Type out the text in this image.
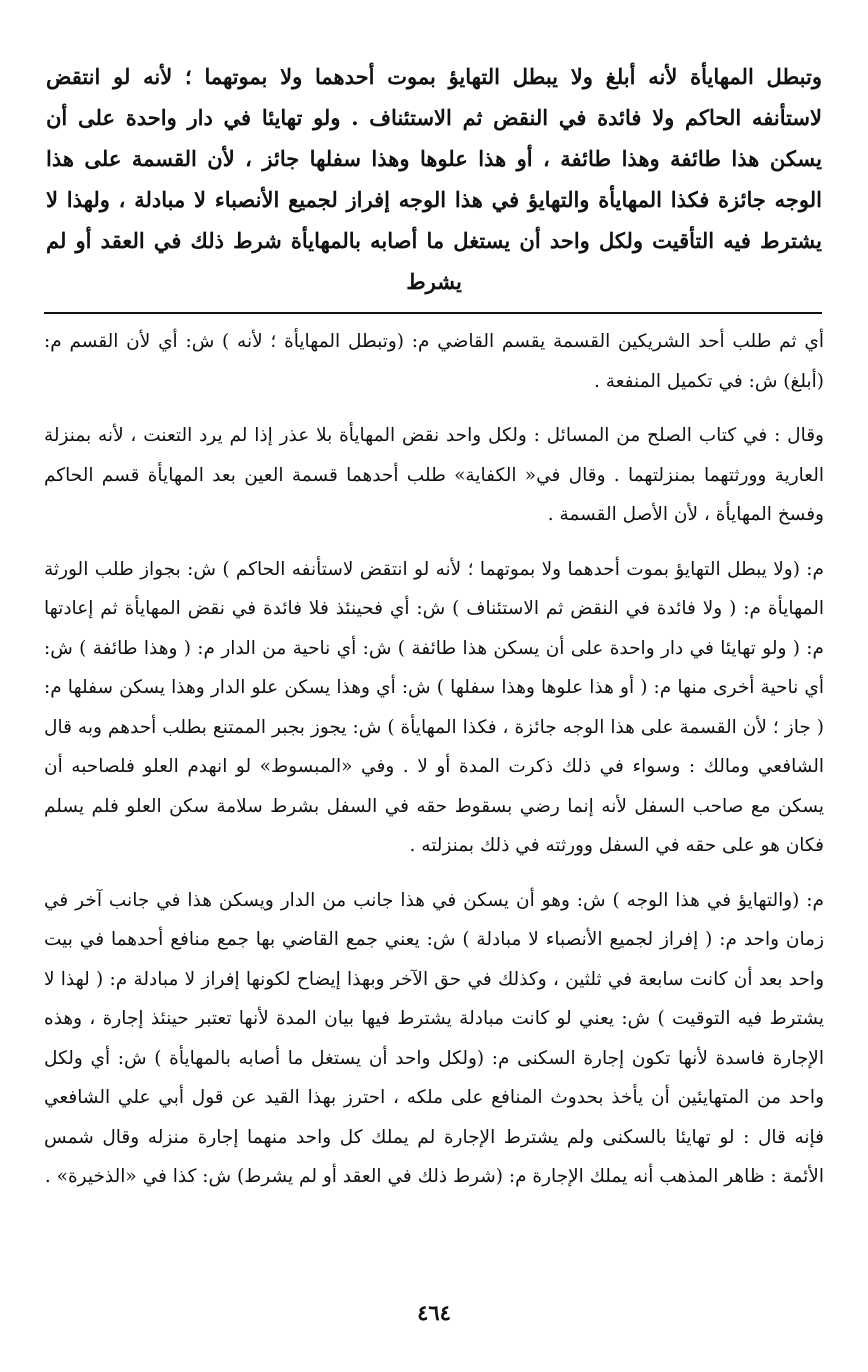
وتبطل المهايأة لأنه أبلغ ولا يبطل التهايؤ بموت أحدهما ولا بموتهما ؛ لأنه لو انتقض لاستأنفه الحاكم ولا فائدة في النقض ثم الاستئناف . ولو تهايئا في دار واحدة على أن يسكن هذا طائفة وهذا طائفة ، أو هذا علوها وهذا سفلها جائز ، لأن القسمة على هذا الوجه جائزة فكذا المهايأة والتهايؤ في هذا الوجه إفراز لجميع الأنصباء لا مبادلة ، ولهذا لا يشترط فيه التأقيت ولكل واحد أن يستغل ما أصابه بالمهايأة شرط ذلك في العقد أو لم يشرط

أي ثم طلب أحد الشريكين القسمة يقسم القاضي م: (وتبطل المهايأة ؛ لأنه ) ش: أي لأن القسم م: (أبلغ) ش: في تكميل المنفعة .

وقال : في كتاب الصلح من المسائل : ولكل واحد نقض المهايأة بلا عذر إذا لم يرد التعنت ، لأنه بمنزلة العارية وورثتهما بمنزلتهما . وقال في« الكفاية» طلب أحدهما قسمة العين بعد المهايأة قسم الحاكم وفسخ المهايأة ، لأن الأصل القسمة .

م: (ولا يبطل التهايؤ بموت أحدهما ولا بموتهما ؛ لأنه لو انتقض لاستأنفه الحاكم ) ش: بجواز طلب الورثة المهايأة م: ( ولا فائدة في النقض ثم الاستئناف ) ش: أي فحينئذ فلا فائدة في نقض المهايأة ثم إعادتها م: ( ولو تهايئا في دار واحدة على أن يسكن هذا طائفة ) ش: أي ناحية من الدار م: ( وهذا طائفة ) ش: أي ناحية أخرى منها م: ( أو هذا علوها وهذا سفلها ) ش: أي وهذا يسكن علو الدار وهذا يسكن سفلها م: ( جاز ؛ لأن القسمة على هذا الوجه جائزة ، فكذا المهايأة ) ش: يجوز بجبر الممتنع بطلب أحدهم وبه قال الشافعي ومالك : وسواء في ذلك ذكرت المدة أو لا . وفي «المبسوط» لو انهدم العلو فلصاحبه أن يسكن مع صاحب السفل لأنه إنما رضي بسقوط حقه في السفل بشرط سلامة سكن العلو فلم يسلم فكان هو على حقه في السفل وورثته في ذلك بمنزلته .

م: (والتهايؤ في هذا الوجه ) ش: وهو أن يسكن في هذا جانب من الدار ويسكن هذا في جانب آخر في زمان واحد م: ( إفراز لجميع الأنصباء لا مبادلة ) ش: يعني جمع القاضي بها جمع منافع أحدهما في بيت واحد بعد أن كانت سابعة في ثلثين ، وكذلك في حق الآخر وبهذا إيضاح لكونها إفراز لا مبادلة م: ( لهذا لا يشترط فيه التوقيت ) ش: يعني لو كانت مبادلة يشترط فيها بيان المدة لأنها تعتبر حينئذ إجارة ، وهذه الإجارة فاسدة لأنها تكون إجارة السكنى م: (ولكل واحد أن يستغل ما أصابه بالمهايأة ) ش: أي ولكل واحد من المتهايئين أن يأخذ بحدوث المنافع على ملكه ، احترز بهذا القيد عن قول أبي علي الشافعي فإنه قال : لو تهايئا بالسكنى ولم يشترط الإجارة لم يملك كل واحد منهما إجارة منزله وقال شمس الأئمة : ظاهر المذهب أنه يملك الإجارة م: (شرط ذلك في العقد أو لم يشرط) ش: كذا في «الذخيرة» .

٤٦٤
